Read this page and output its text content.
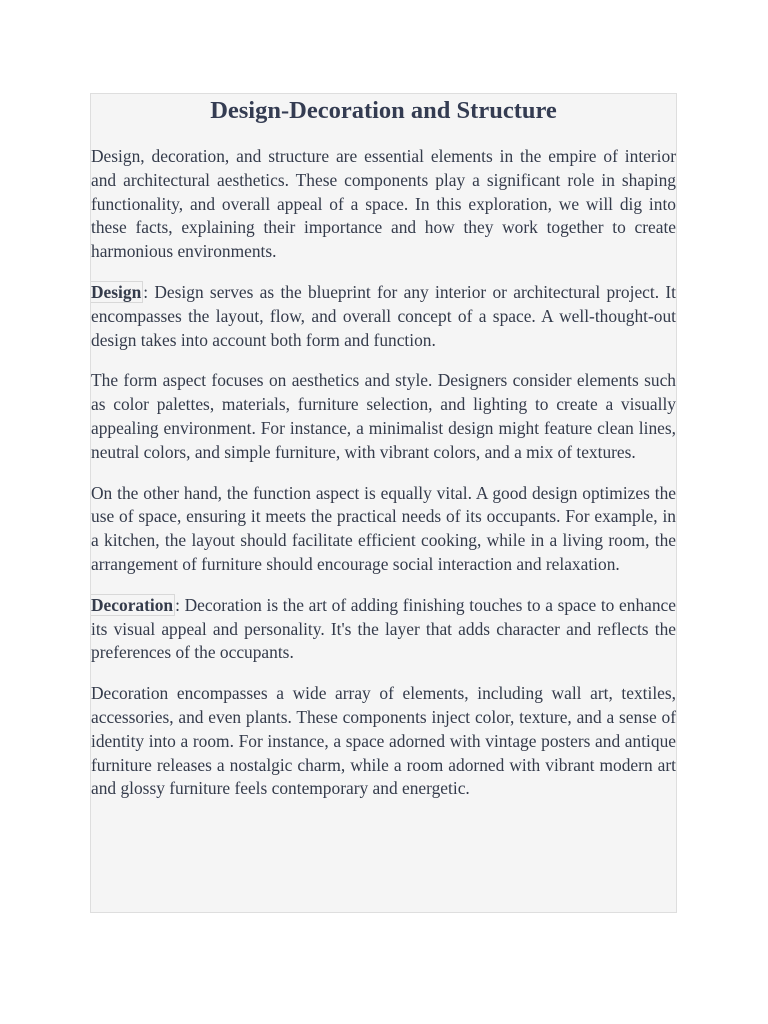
Design-Decoration and Structure

Design, decoration, and structure are essential elements in the empire of interior and architectural aesthetics. These components play a significant role in shaping functionality, and overall appeal of a space. In this exploration, we will dig into these facts, explaining their importance and how they work together to create harmonious environments.

Design : Design serves as the blueprint for any interior or architectural project. It encompasses the layout, flow, and overall concept of a space. A well-thought-out design takes into account both form and function.

The form aspect focuses on aesthetics and style. Designers consider elements such as color palettes, materials, furniture selection, and lighting to create a visually appealing environment. For instance, a minimalist design might feature clean lines, neutral colors, and simple furniture, with vibrant colors, and a mix of textures.

On the other hand, the function aspect is equally vital. A good design optimizes the use of space, ensuring it meets the practical needs of its occupants. For example, in a kitchen, the layout should facilitate efficient cooking, while in a living room, the arrangement of furniture should encourage social interaction and relaxation.

Decoration : Decoration is the art of adding finishing touches to a space to enhance its visual appeal and personality. It's the layer that adds character and reflects the preferences of the occupants.

Decoration encompasses a wide array of elements, including wall art, textiles, accessories, and even plants. These components inject color, texture, and a sense of identity into a room. For instance, a space adorned with vintage posters and antique furniture releases a nostalgic charm, while a room adorned with vibrant modern art and glossy furniture feels contemporary and energetic.
